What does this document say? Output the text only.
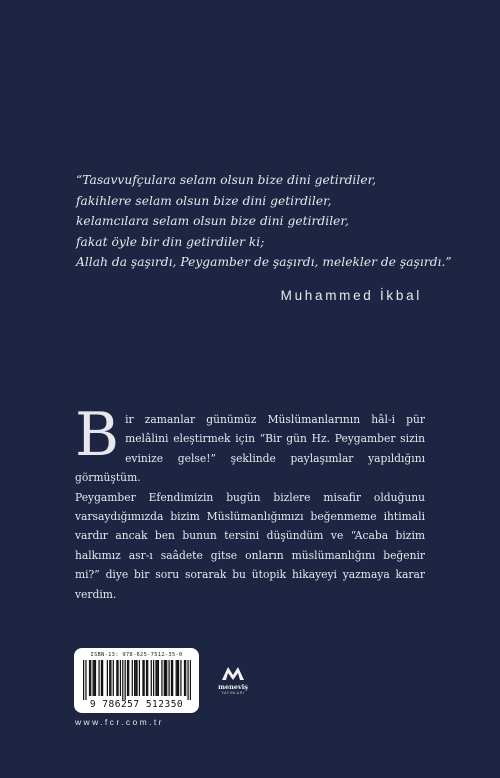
“Tasavvufçulara selam olsun bize dini getirdiler,
fakihlere selam olsun bize dini getirdiler,
kelamcılara selam olsun bize dini getirdiler,
fakat öyle bir din getirdiler ki;
Allah da şaşırdı, Peygamber de şaşırdı, melekler de şaşırdı.”
Muhammed İkbal
B ir zamanlar günümüz Müslümanlarının hâl-i pür melâlini eleştirmek için “Bir gün Hz. Peygamber sizin evinize gelse!” şeklinde paylaşımlar yapıldığını görmüştüm.

Peygamber Efendimizin bugün bizlere misafir olduğunu varsaydığımızda bizim Müslümanlığımızı beğenmeme ihtimali vardır ancak ben bunun tersini düşündüm ve “Acaba bizim halkımız asr-ı saâdete gitse onların müslümanlığını beğenir mi?” diye bir soru sorarak bu ütopik hikayeyi yazmaya karar verdim.

ISBN-13: 978-625-7512-35-0
9 786257 512350
meneviş
YAYINLARI
www.fcr.com.tr
